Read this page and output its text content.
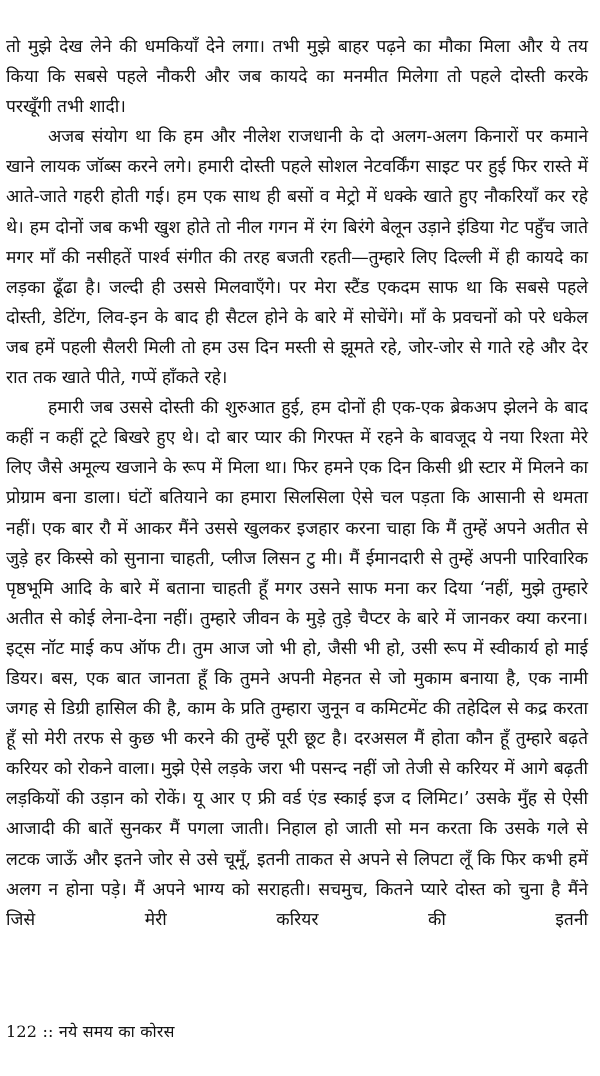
तो मुझे देख लेने की धमकियाँ देने लगा। तभी मुझे बाहर पढ़ने का मौका मिला और ये तय किया कि सबसे पहले नौकरी और जब कायदे का मनमीत मिलेगा तो पहले दोस्ती करके परखूँगी तभी शादी।

अजब संयोग था कि हम और नीलेश राजधानी के दो अलग-अलग किनारों पर कमाने खाने लायक जॉब्स करने लगे। हमारी दोस्ती पहले सोशल नेटवर्किंग साइट पर हुई फिर रास्ते में आते-जाते गहरी होती गई। हम एक साथ ही बसों व मेट्रो में धक्के खाते हुए नौकरियाँ कर रहे थे। हम दोनों जब कभी खुश होते तो नील गगन में रंग बिरंगे बेलून उड़ाने इंडिया गेट पहुँच जाते मगर माँ की नसीहतें पार्श्व संगीत की तरह बजती रहती—तुम्हारे लिए दिल्ली में ही कायदे का लड़का ढूँढा है। जल्दी ही उससे मिलवाएँगे। पर मेरा स्टैंड एकदम साफ था कि सबसे पहले दोस्ती, डेटिंग, लिव-इन के बाद ही सैटल होने के बारे में सोचेंगे। माँ के प्रवचनों को परे धकेल जब हमें पहली सैलरी मिली तो हम उस दिन मस्ती से झूमते रहे, जोर-जोर से गाते रहे और देर रात तक खाते पीते, गप्पें हाँकते रहे।

हमारी जब उससे दोस्ती की शुरुआत हुई, हम दोनों ही एक-एक ब्रेकअप झेलने के बाद कहीं न कहीं टूटे बिखरे हुए थे। दो बार प्यार की गिरफ्त में रहने के बावजूद ये नया रिश्ता मेरे लिए जैसे अमूल्य खजाने के रूप में मिला था। फिर हमने एक दिन किसी थ्री स्टार में मिलने का प्रोग्राम बना डाला। घंटों बतियाने का हमारा सिलसिला ऐसे चल पड़ता कि आसानी से थमता नहीं। एक बार रौ में आकर मैंने उससे खुलकर इजहार करना चाहा कि मैं तुम्हें अपने अतीत से जुड़े हर किस्से को सुनाना चाहती, प्लीज लिसन टु मी। मैं ईमानदारी से तुम्हें अपनी पारिवारिक पृष्ठभूमि आदि के बारे में बताना चाहती हूँ मगर उसने साफ मना कर दिया ‘नहीं, मुझे तुम्हारे अतीत से कोई लेना-देना नहीं। तुम्हारे जीवन के मुड़े तुड़े चैप्टर के बारे में जानकर क्या करना। इट्स नॉट माई कप ऑफ टी। तुम आज जो भी हो, जैसी भी हो, उसी रूप में स्वीकार्य हो माई डियर। बस, एक बात जानता हूँ कि तुमने अपनी मेहनत से जो मुकाम बनाया है, एक नामी जगह से डिग्री हासिल की है, काम के प्रति तुम्हारा जुनून व कमिटमेंट की तहेदिल से कद्र करता हूँ सो मेरी तरफ से कुछ भी करने की तुम्हें पूरी छूट है। दरअसल मैं होता कौन हूँ तुम्हारे बढ़ते करियर को रोकने वाला। मुझे ऐसे लड़के जरा भी पसन्द नहीं जो तेजी से करियर में आगे बढ़ती लड़कियों की उड़ान को रोकें। यू आर ए फ्री वर्ड एंड स्काई इज द लिमिट।’ उसके मुँह से ऐसी आजादी की बातें सुनकर मैं पगला जाती। निहाल हो जाती सो मन करता कि उसके गले से लटक जाऊँ और इतने जोर से उसे चूमूँ, इतनी ताकत से अपने से लिपटा लूँ कि फिर कभी हमें अलग न होना पड़े। मैं अपने भाग्य को सराहती। सचमुच, कितने प्यारे दोस्त को चुना है मैंने जिसे मेरी करियर की इतनी

122 :: नये समय का कोरस
